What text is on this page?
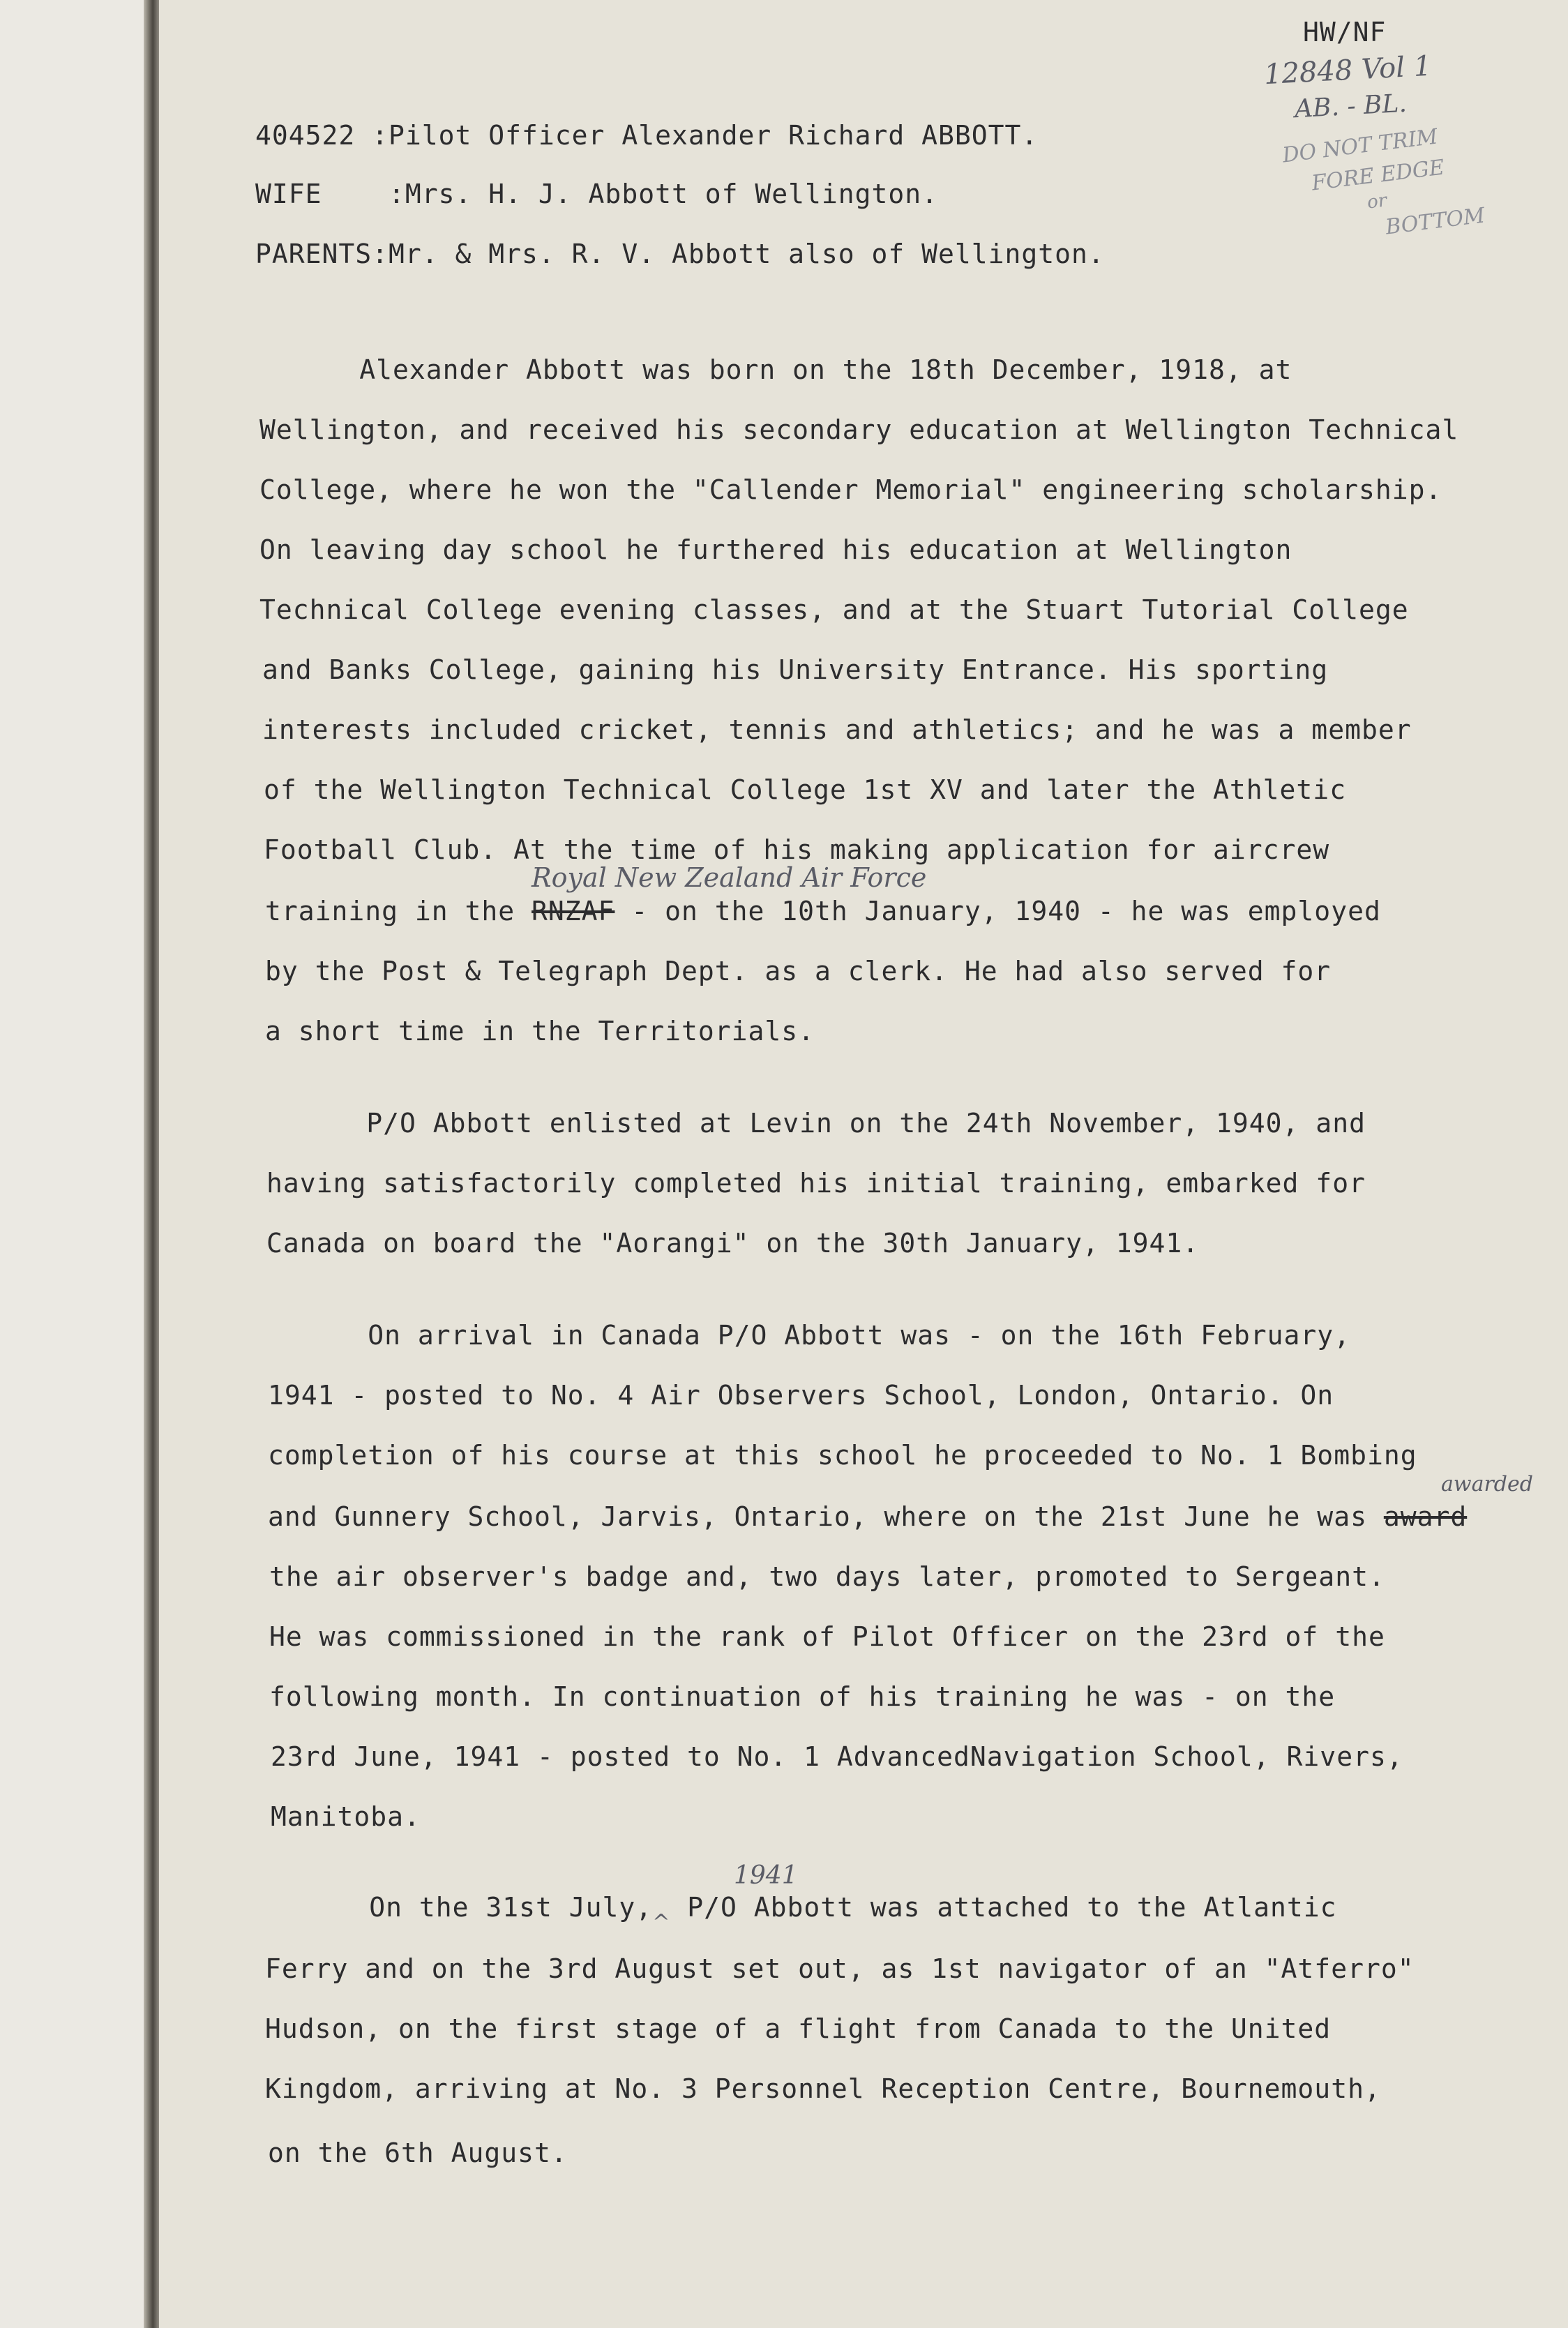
HW/NF
12848 Vol 1
AB. - BL.
DO NOT TRIM
FORE EDGE
or
BOTTOM
404522 :Pilot Officer Alexander Richard ABBOTT.
WIFE    :Mrs. H. J. Abbott of Wellington.
PARENTS:Mr. & Mrs. R. V. Abbott also of Wellington.
Alexander Abbott was born on the 18th December, 1918, at
Wellington, and received his secondary education at Wellington Technical
College, where he won the "Callender Memorial" engineering scholarship.
On leaving day school he furthered his education at Wellington
Technical College evening classes, and at the Stuart Tutorial College
and Banks College, gaining his University Entrance. His sporting
interests included cricket, tennis and athletics; and he was a member
of the Wellington Technical College 1st XV and later the Athletic
Football Club. At the time of his making application for aircrew
Royal New Zealand Air Force
training in the RNZAF - on the 10th January, 1940 - he was employed
by the Post & Telegraph Dept. as a clerk. He had also served for
a short time in the Territorials.
P/O Abbott enlisted at Levin on the 24th November, 1940, and
having satisfactorily completed his initial training, embarked for
Canada on board the "Aorangi" on the 30th January, 1941.
On arrival in Canada P/O Abbott was - on the 16th February,
1941 - posted to No. 4 Air Observers School, London, Ontario. On
completion of his course at this school he proceeded to No. 1 Bombing
awarded
and Gunnery School, Jarvis, Ontario, where on the 21st June he was award
the air observer's badge and, two days later, promoted to Sergeant.
He was commissioned in the rank of Pilot Officer on the 23rd of the
following month. In continuation of his training he was - on the
23rd June, 1941 - posted to No. 1 AdvancedNavigation School, Rivers,
Manitoba.
1941
On the 31st $July,_{\^{}}$ P/O Abbott was attached to the Atlantic
Ferry and on the 3rd August set out, as 1st navigator of an "Atferro"
Hudson, on the first stage of a flight from Canada to the United
Kingdom, arriving at No. 3 Personnel Reception Centre, Bournemouth,
on the 6th August.
